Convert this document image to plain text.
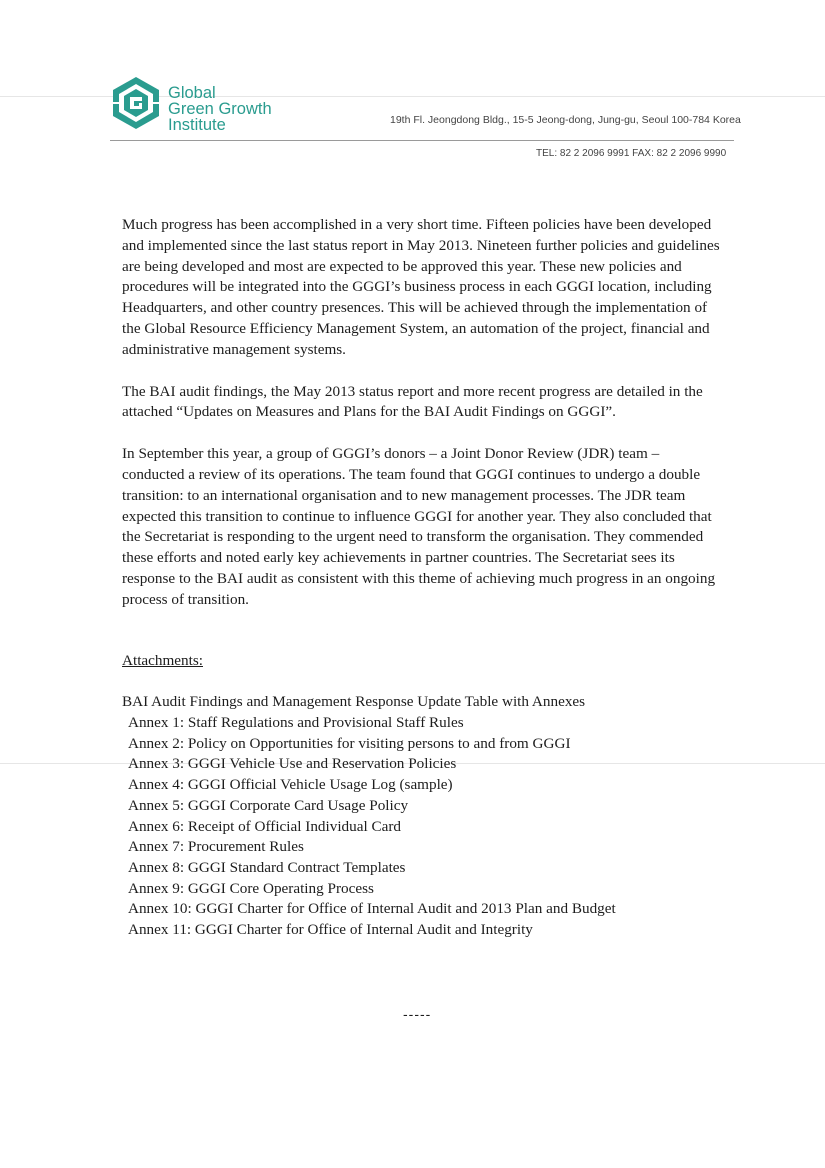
Global
Green Growth
Institute	19th Fl. Jeongdong Bldg., 15-5 Jeong-dong, Jung-gu, Seoul 100-784 Korea
TEL: 82 2 2096 9991 FAX: 82 2 2096 9990

Much progress has been accomplished in a very short time. Fifteen policies have been developed and implemented since the last status report in May 2013. Nineteen further policies and guidelines are being developed and most are expected to be approved this year. These new policies and procedures will be integrated into the GGGI’s business process in each GGGI location, including Headquarters, and other country presences. This will be achieved through the implementation of the Global Resource Efficiency Management System, an automation of the project, financial and administrative management systems.

The BAI audit findings, the May 2013 status report and more recent progress are detailed in the attached “Updates on Measures and Plans for the BAI Audit Findings on GGGI”.

In September this year, a group of GGGI’s donors – a Joint Donor Review (JDR) team – conducted a review of its operations. The team found that GGGI continues to undergo a double transition: to an international organisation and to new management processes. The JDR team expected this transition to continue to influence GGGI for another year. They also concluded that the Secretariat is responding to the urgent need to transform the organisation. They commended these efforts and noted early key achievements in partner countries. The Secretariat sees its response to the BAI audit as consistent with this theme of achieving much progress in an ongoing process of transition.

Attachments:
BAI Audit Findings and Management Response Update Table with Annexes
Annex 1: Staff Regulations and Provisional Staff Rules
Annex 2: Policy on Opportunities for visiting persons to and from GGGI
Annex 3: GGGI Vehicle Use and Reservation Policies
Annex 4: GGGI Official Vehicle Usage Log (sample)
Annex 5: GGGI Corporate Card Usage Policy
Annex 6: Receipt of Official Individual Card
Annex 7: Procurement Rules
Annex 8: GGGI Standard Contract Templates
Annex 9: GGGI Core Operating Process
Annex 10: GGGI Charter for Office of Internal Audit and 2013 Plan and Budget
Annex 11: GGGI Charter for Office of Internal Audit and Integrity
-----
